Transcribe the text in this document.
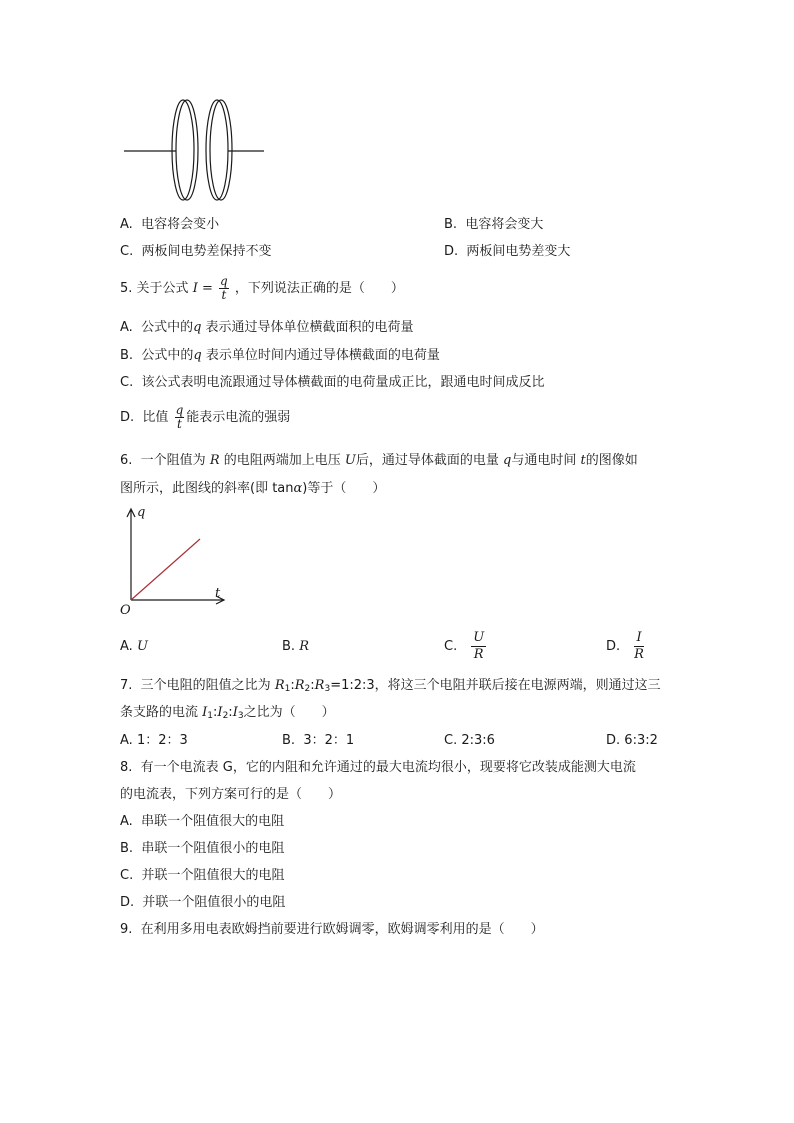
A. 电容将会变小	B. 电容将会变大
C. 两板间电势差保持不变	D. 两板间电势差变大
5. 关于公式 $I = \frac{q}{t}$ ，下列说法正确的是（　　）
A. 公式中的q 表示通过导体单位横截面积的电荷量
B. 公式中的q 表示单位时间内通过导体横截面的电荷量
C. 该公式表明电流跟通过导体横截面的电荷量成正比，跟通电时间成反比
D. 比值 $\frac{q}{t}$ 能表示电流的强弱
6. 一个阻值为 R 的电阻两端加上电压 U后，通过导体截面的电量 q与通电时间 t的图像如
图所示，此图线的斜率(即 tanα)等于（　　）
q
t
O
A. U	B. R	C. $\frac{U}{R}$	D. $\frac{I}{R}$
7. 三个电阻的阻值之比为 $R_1:R_2:R_3=1:2:3$，将这三个电阻并联后接在电源两端，则通过这三
条支路的电流 $I_1:I_2:I_3$之比为（　　）
A. 1：2：3	B. 3：2：1	C. 2:3:6	D. 6:3:2
8. 有一个电流表 G，它的内阻和允许通过的最大电流均很小，现要将它改装成能测大电流
的电流表，下列方案可行的是（　　）
A. 串联一个阻值很大的电阻
B. 串联一个阻值很小的电阻
C. 并联一个阻值很大的电阻
D. 并联一个阻值很小的电阻
9. 在利用多用电表欧姆挡前要进行欧姆调零，欧姆调零利用的是（　　）
